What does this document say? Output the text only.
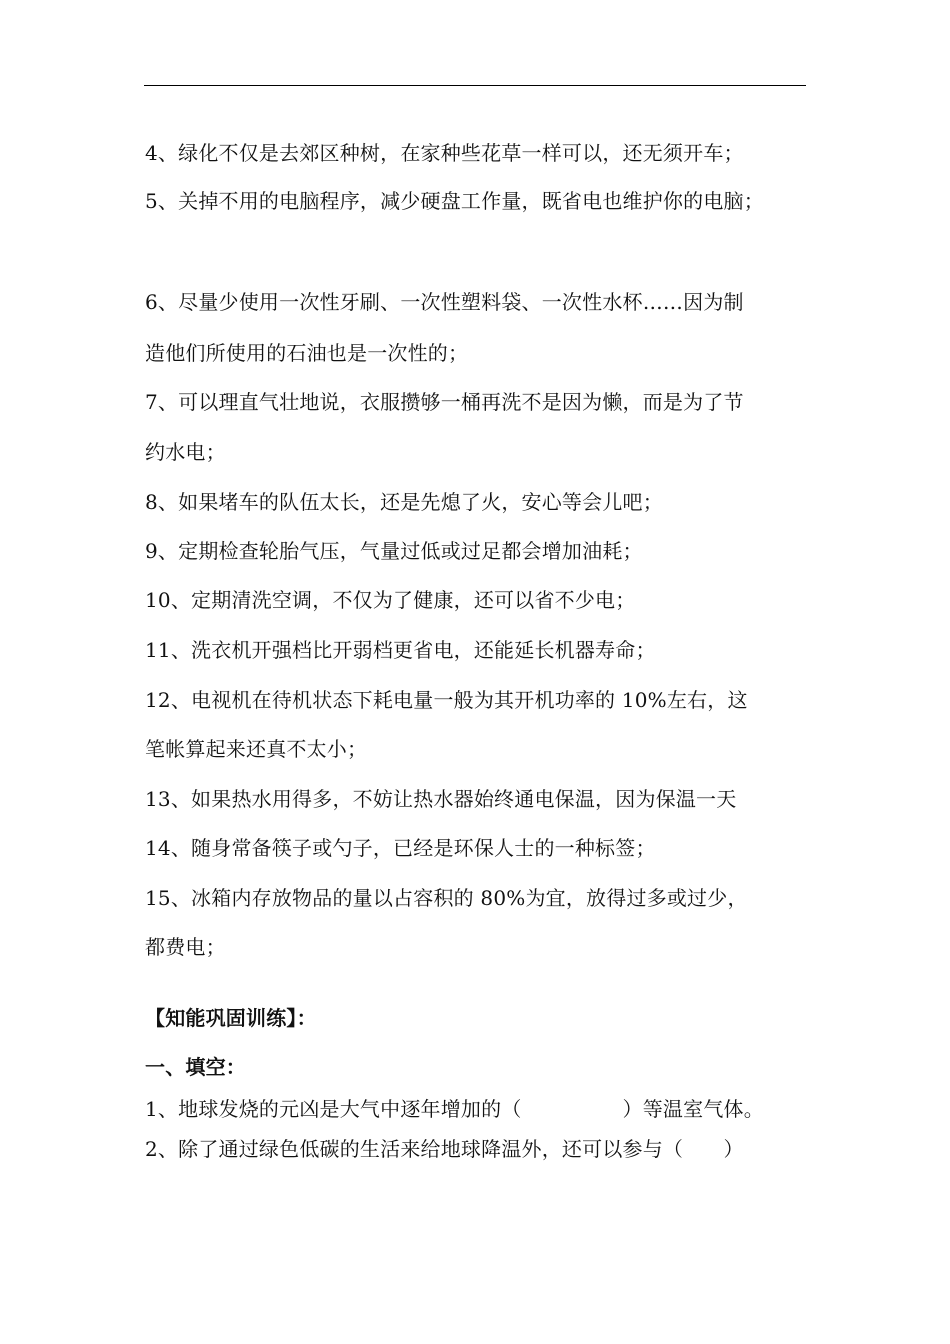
4、绿化不仅是去郊区种树，在家种些花草一样可以，还无须开车；
5、关掉不用的电脑程序，减少硬盘工作量，既省电也维护你的电脑；
6、尽量少使用一次性牙刷、一次性塑料袋、一次性水杯……因为制
造他们所使用的石油也是一次性的；
7、可以理直气壮地说，衣服攒够一桶再洗不是因为懒，而是为了节
约水电；
8、如果堵车的队伍太长，还是先熄了火，安心等会儿吧；
9、定期检查轮胎气压，气量过低或过足都会增加油耗；
10、定期清洗空调，不仅为了健康，还可以省不少电；
11、洗衣机开强档比开弱档更省电，还能延长机器寿命；
12、电视机在待机状态下耗电量一般为其开机功率的 10%左右，这
笔帐算起来还真不太小；
13、如果热水用得多，不妨让热水器始终通电保温，因为保温一天
14、随身常备筷子或勺子，已经是环保人士的一种标签；
15、冰箱内存放物品的量以占容积的 80%为宜，放得过多或过少，
都费电；
【知能巩固训练】：
一、填空：
1、地球发烧的元凶是大气中逐年增加的（　　　　　）等温室气体。
2、除了通过绿色低碳的生活来给地球降温外，还可以参与（　　）
